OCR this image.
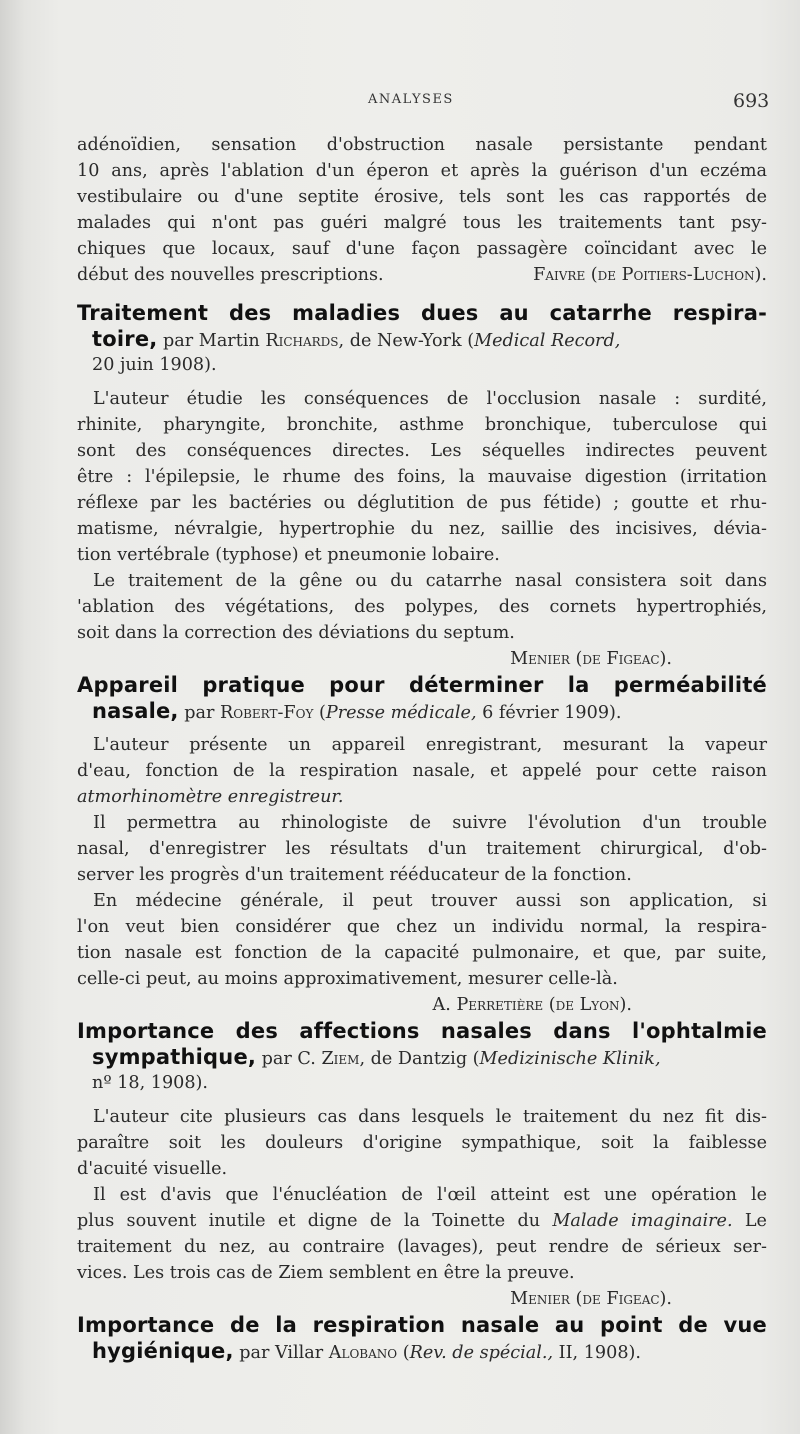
ANALYSES	693
adénoïdien, sensation d'obstruction nasale persistante pendant
10 ans, après l'ablation d'un éperon et après la guérison d'un eczéma
vestibulaire ou d'une septite érosive, tels sont les cas rapportés de
malades qui n'ont pas guéri malgré tous les traitements tant psy-
chiques que locaux, sauf d'une façon passagère coïncidant avec le
début des nouvelles prescriptions.	Faivre (de Poitiers-Luchon).
Traitement des maladies dues au catarrhe respira-
toire, par Martin Richards, de New-York (Medical Record,
20 juin 1908).
L'auteur étudie les conséquences de l'occlusion nasale : surdité,
rhinite, pharyngite, bronchite, asthme bronchique, tuberculose qui
sont des conséquences directes. Les séquelles indirectes peuvent
être : l'épilepsie, le rhume des foins, la mauvaise digestion (irritation
réflexe par les bactéries ou déglutition de pus fétide) ; goutte et rhu-
matisme, névralgie, hypertrophie du nez, saillie des incisives, dévia-
tion vertébrale (typhose) et pneumonie lobaire.
Le traitement de la gêne ou du catarrhe nasal consistera soit dans
'ablation des végétations, des polypes, des cornets hypertrophiés,
soit dans la correction des déviations du septum.
Menier (de Figeac).
Appareil pratique pour déterminer la perméabilité
nasale, par Robert-Foy (Presse médicale, 6 février 1909).
L'auteur présente un appareil enregistrant, mesurant la vapeur
d'eau, fonction de la respiration nasale, et appelé pour cette raison
atmorhinomètre enregistreur.
Il permettra au rhinologiste de suivre l'évolution d'un trouble
nasal, d'enregistrer les résultats d'un traitement chirurgical, d'ob-
server les progrès d'un traitement rééducateur de la fonction.
En médecine générale, il peut trouver aussi son application, si
l'on veut bien considérer que chez un individu normal, la respira-
tion nasale est fonction de la capacité pulmonaire, et que, par suite,
celle-ci peut, au moins approximativement, mesurer celle-là.
A. Perretière (de Lyon).
Importance des affections nasales dans l'ophtalmie
sympathique, par C. Ziem, de Dantzig (Medizinische Klinik,
nº 18, 1908).
L'auteur cite plusieurs cas dans lesquels le traitement du nez fit dis-
paraître soit les douleurs d'origine sympathique, soit la faiblesse
d'acuité visuelle.
Il est d'avis que l'énucléation de l'œil atteint est une opération le
plus souvent inutile et digne de la Toinette du Malade imaginaire. Le
traitement du nez, au contraire (lavages), peut rendre de sérieux ser-
vices. Les trois cas de Ziem semblent en être la preuve.
Menier (de Figeac).
Importance de la respiration nasale au point de vue
hygiénique, par Villar Alobano (Rev. de spécial., II, 1908).
